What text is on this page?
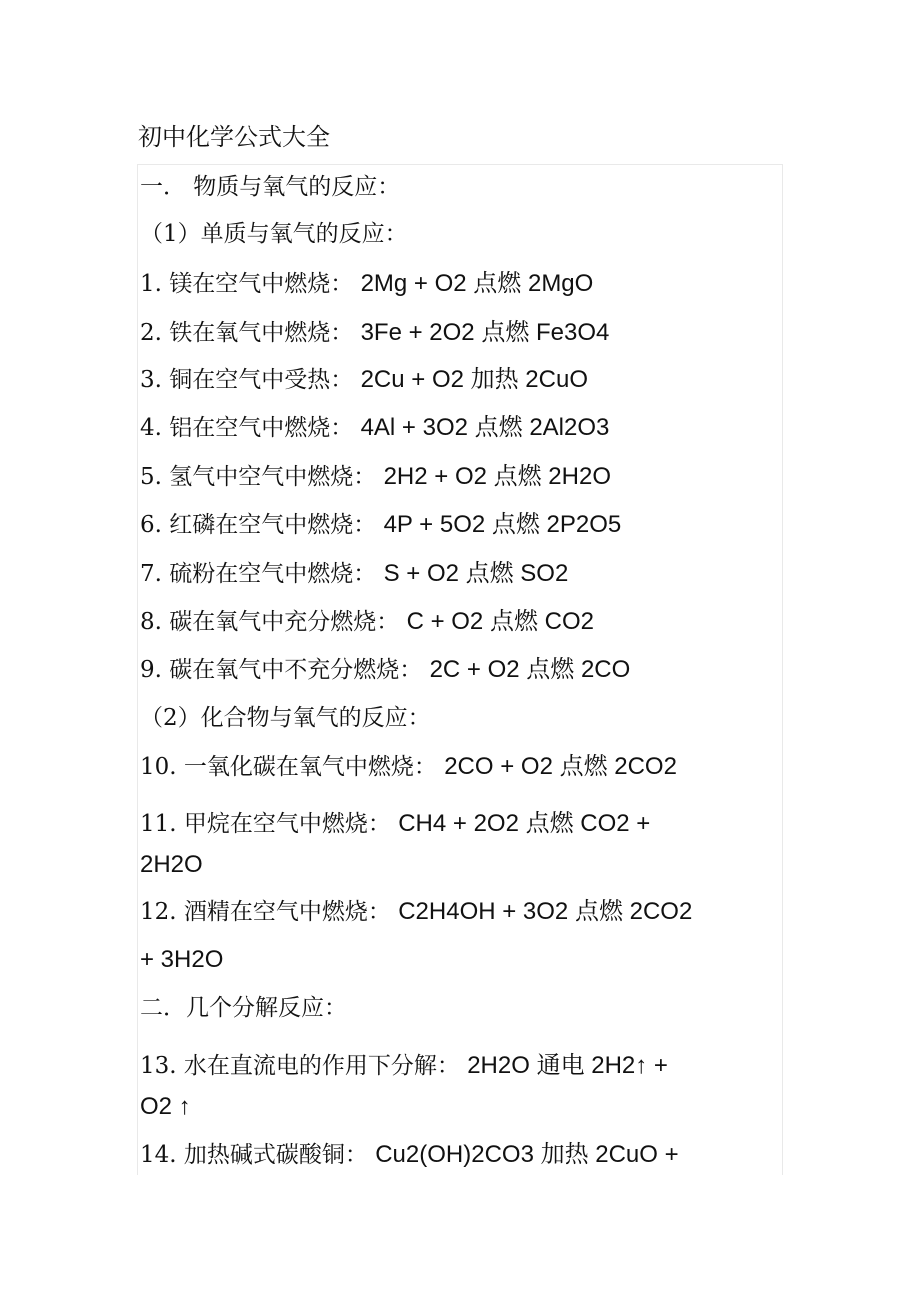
初中化学公式大全
一． 物质与氧气的反应：
（1）单质与氧气的反应：
1. 镁在空气中燃烧： 2Mg + O2 点燃 2MgO
2. 铁在氧气中燃烧： 3Fe + 2O2 点燃 Fe3O4
3. 铜在空气中受热： 2Cu + O2 加热 2CuO
4. 铝在空气中燃烧： 4Al + 3O2 点燃 2Al2O3
5. 氢气中空气中燃烧： 2H2 + O2 点燃 2H2O
6. 红磷在空气中燃烧： 4P + 5O2 点燃 2P2O5
7. 硫粉在空气中燃烧： S + O2 点燃 SO2
8. 碳在氧气中充分燃烧： C + O2 点燃 CO2
9. 碳在氧气中不充分燃烧： 2C + O2 点燃 2CO
（2）化合物与氧气的反应：
10. 一氧化碳在氧气中燃烧： 2CO + O2 点燃 2CO2
11. 甲烷在空气中燃烧： CH4 + 2O2 点燃 CO2 +
2H2O
12. 酒精在空气中燃烧： C2H4OH + 3O2 点燃 2CO2
+ 3H2O
二．几个分解反应：
13. 水在直流电的作用下分解： 2H2O 通电 2H2↑ +
O2 ↑
14. 加热碱式碳酸铜： Cu2(OH)2CO3 加热 2CuO +
